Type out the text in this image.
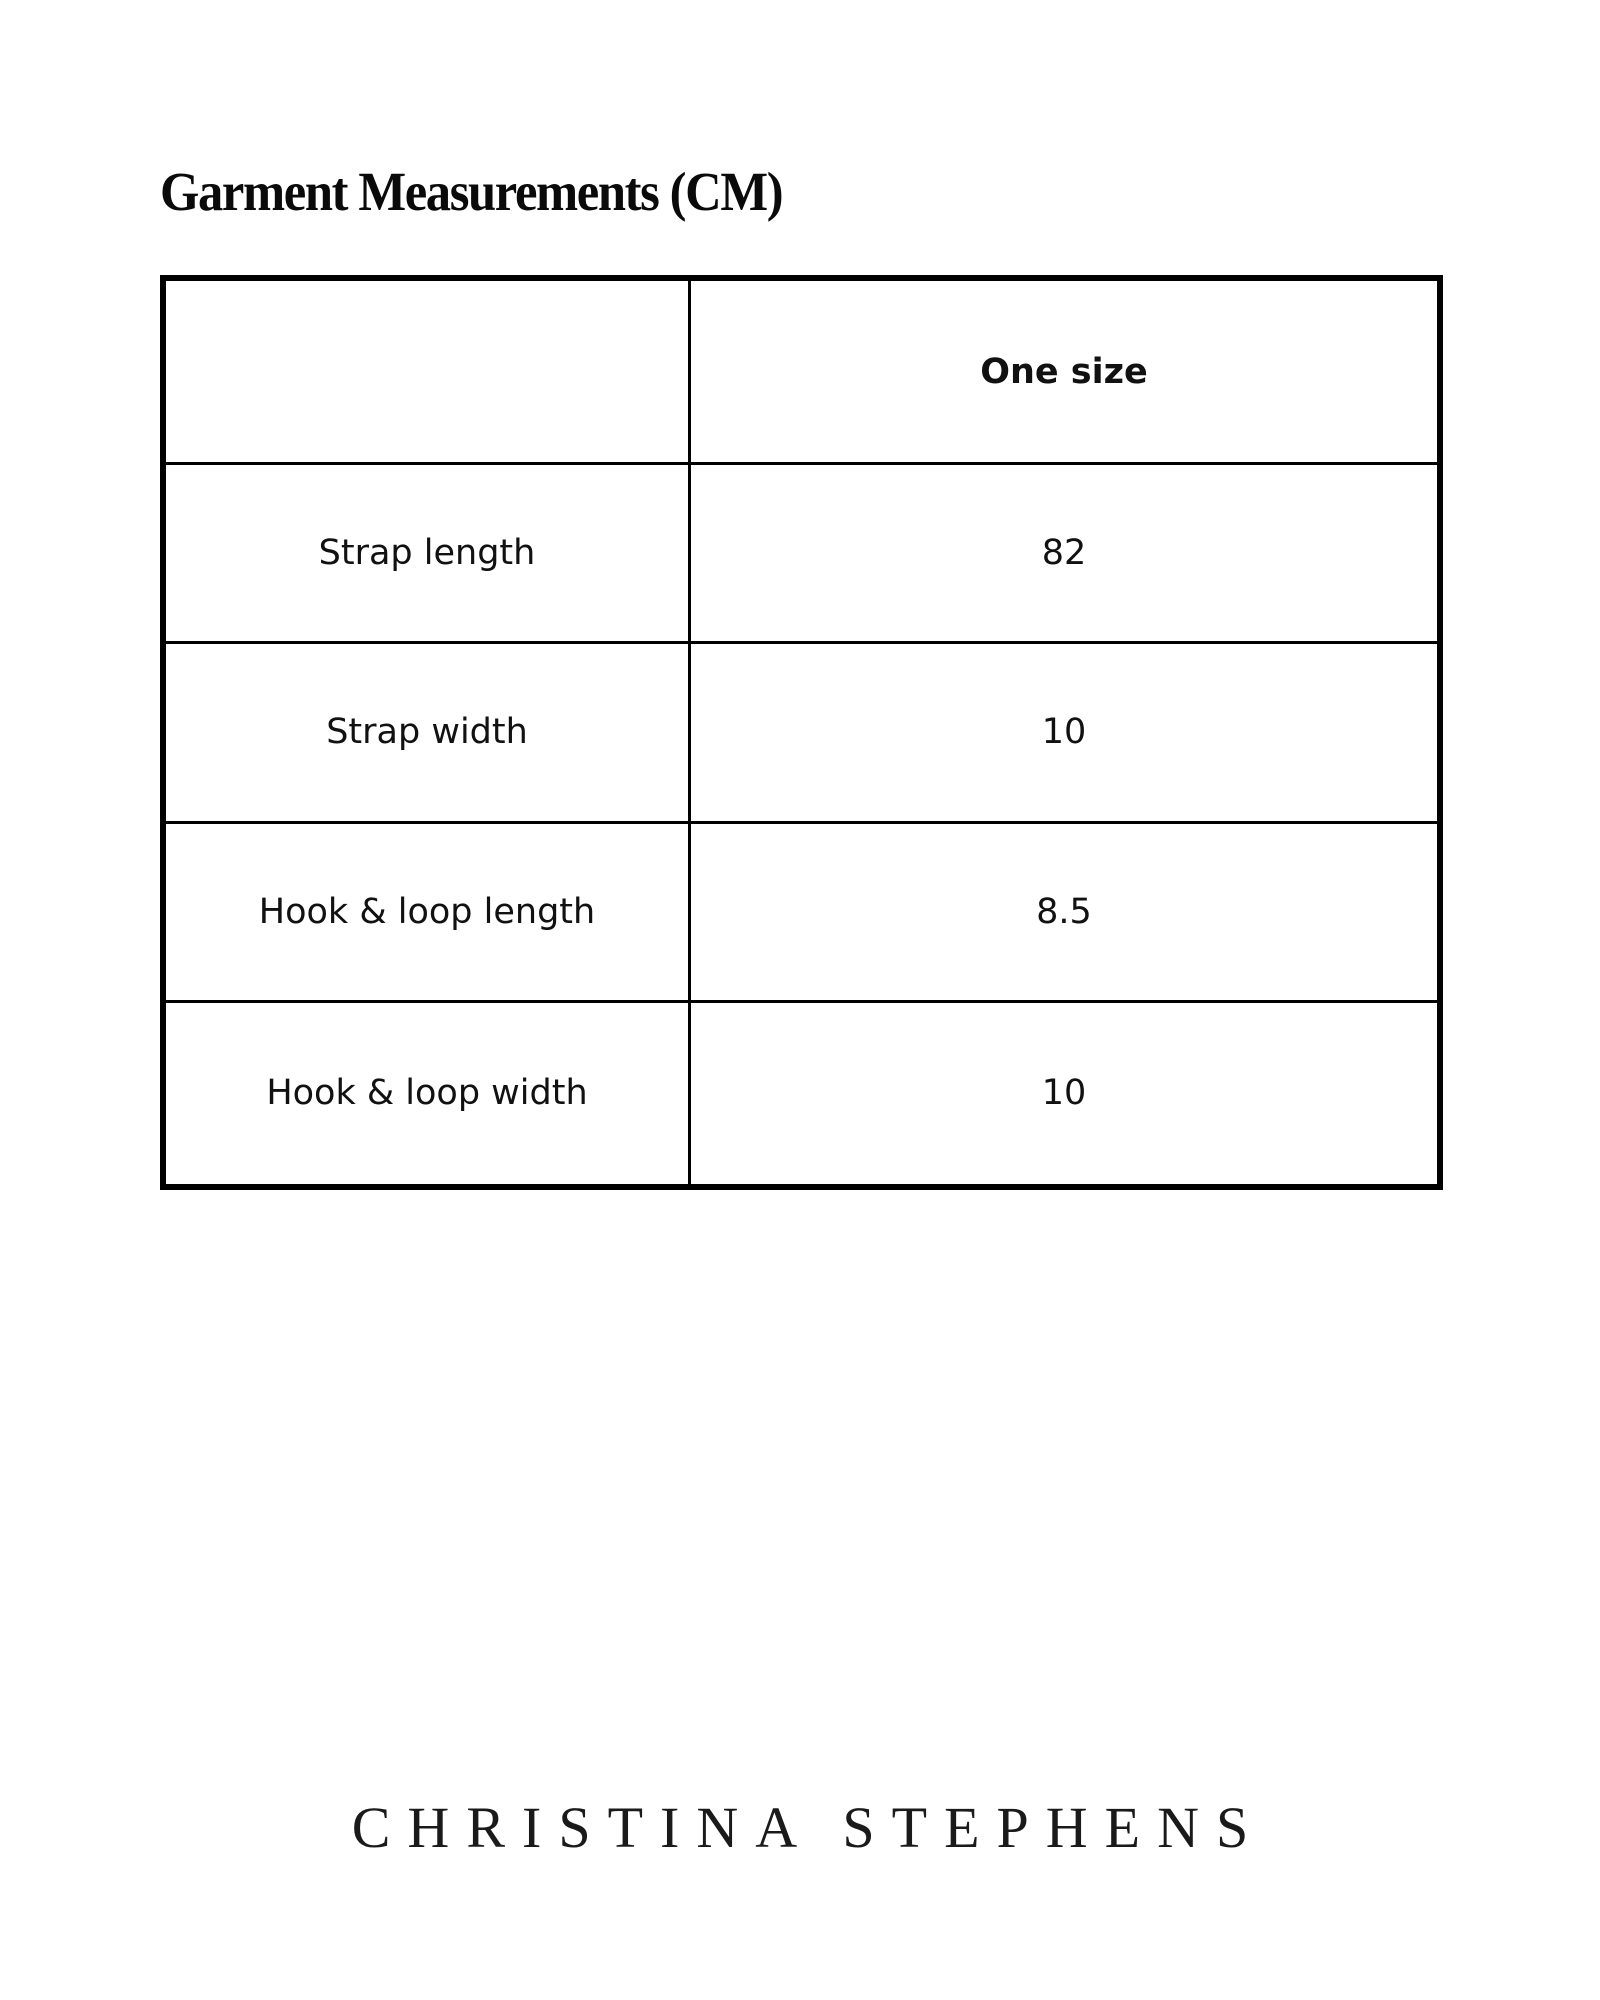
Garment Measurements (CM)
	One size
Strap length	82
Strap width	10
Hook & loop length	8.5
Hook & loop width	10
CHRISTINA STEPHENS
